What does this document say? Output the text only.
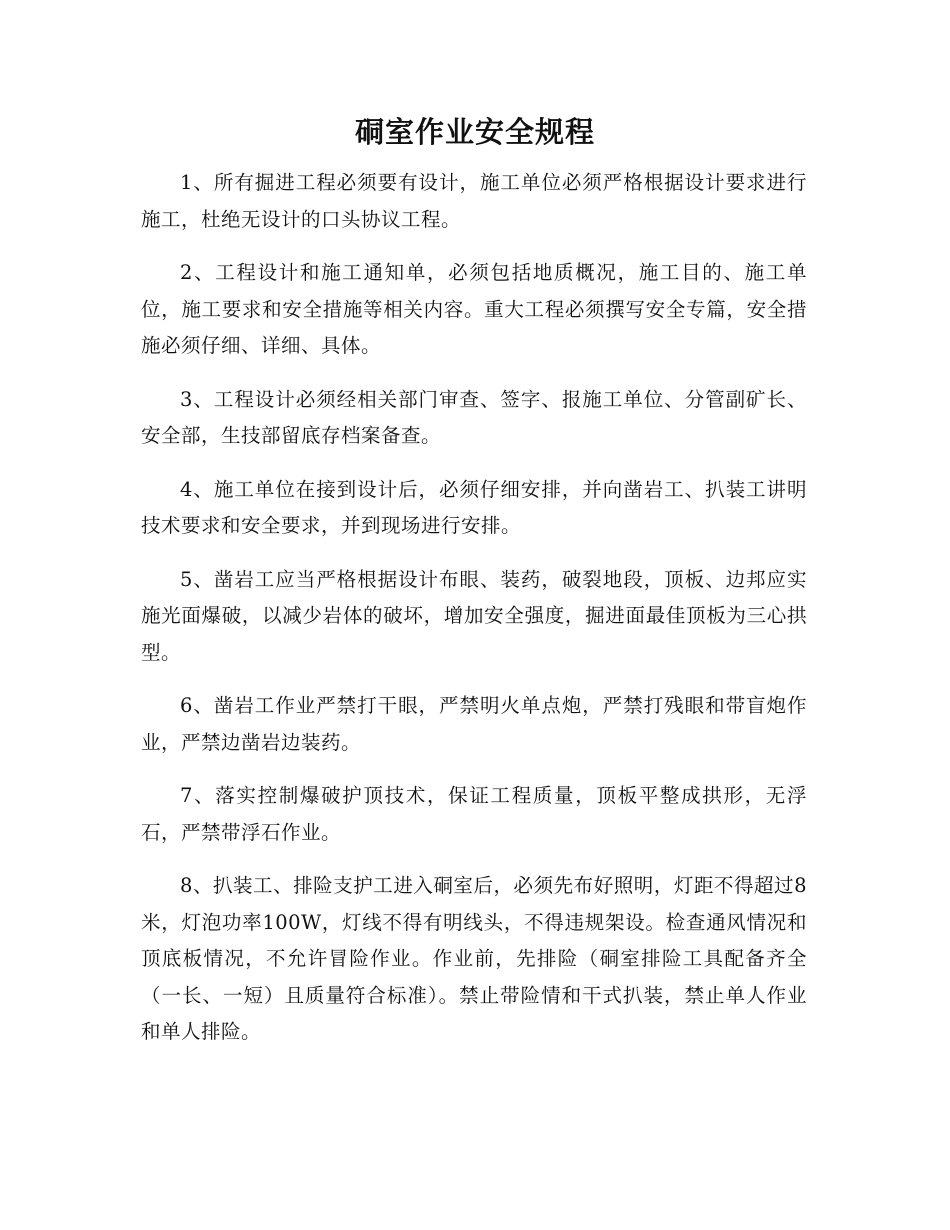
硐室作业安全规程

1、所有掘进工程必须要有设计，施工单位必须严格根据设计要求进行施工，杜绝无设计的口头协议工程。

2、工程设计和施工通知单，必须包括地质概况，施工目的、施工单位，施工要求和安全措施等相关内容。重大工程必须撰写安全专篇，安全措施必须仔细、详细、具体。

3、工程设计必须经相关部门审查、签字、报施工单位、分管副矿长、安全部，生技部留底存档案备查。

4、施工单位在接到设计后，必须仔细安排，并向凿岩工、扒装工讲明技术要求和安全要求，并到现场进行安排。

5、凿岩工应当严格根据设计布眼、装药，破裂地段，顶板、边邦应实施光面爆破，以减少岩体的破坏，增加安全强度，掘进面最佳顶板为三心拱型。

6、凿岩工作业严禁打干眼，严禁明火单点炮，严禁打残眼和带盲炮作业，严禁边凿岩边装药。

7、落实控制爆破护顶技术，保证工程质量，顶板平整成拱形，无浮石，严禁带浮石作业。

8、扒装工、排险支护工进入硐室后，必须先布好照明，灯距不得超过8米，灯泡功率100W，灯线不得有明线头，不得违规架设。检查通风情况和顶底板情况，不允许冒险作业。作业前，先排险（硐室排险工具配备齐全（一长、一短）且质量符合标准）。禁止带险情和干式扒装，禁止单人作业和单人排险。
